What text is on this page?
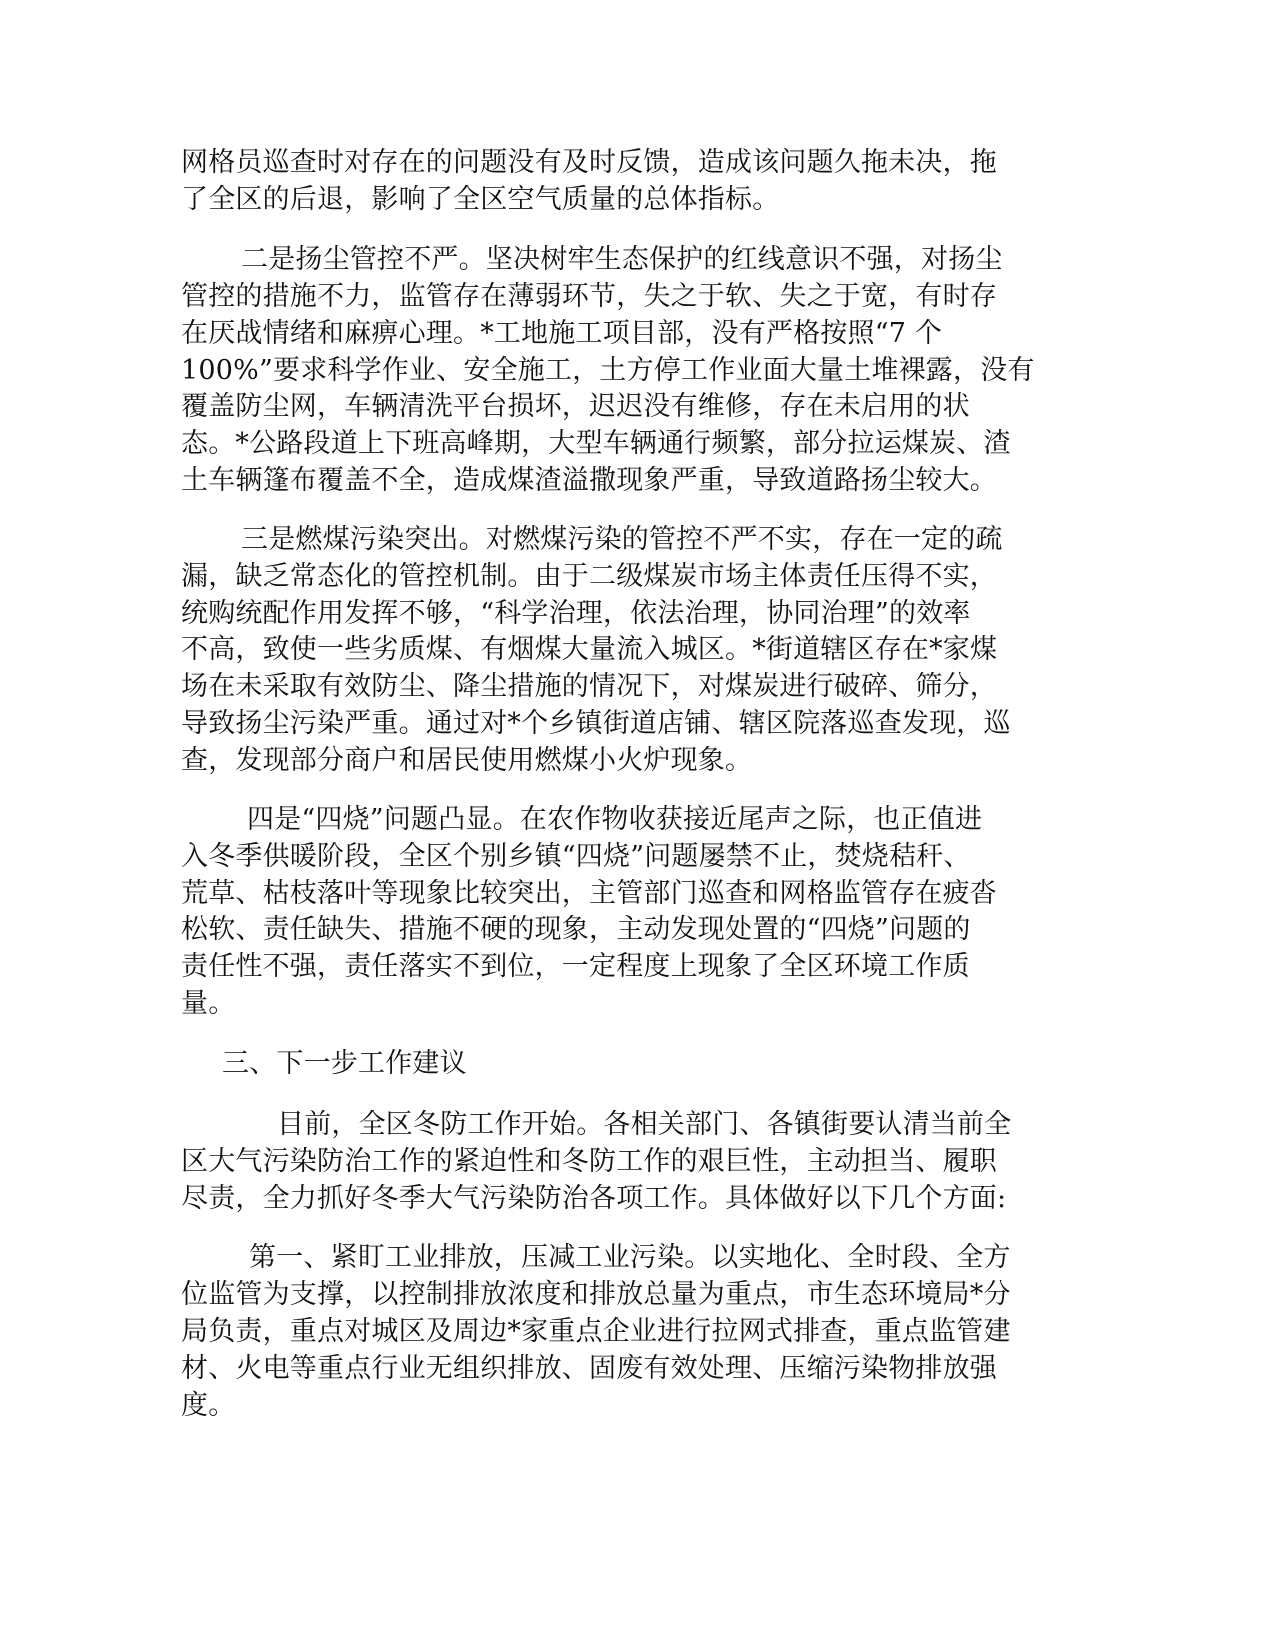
网格员巡查时对存在的问题没有及时反馈，造成该问题久拖未决，拖
了全区的后退，影响了全区空气质量的总体指标。
二是扬尘管控不严。坚决树牢生态保护的红线意识不强，对扬尘
管控的措施不力，监管存在薄弱环节，失之于软、失之于宽，有时存
在厌战情绪和麻痹心理。*工地施工项目部，没有严格按照“7 个
100%”要求科学作业、安全施工，土方停工作业面大量土堆裸露，没有
覆盖防尘网，车辆清洗平台损坏，迟迟没有维修，存在未启用的状
态。*公路段道上下班高峰期，大型车辆通行频繁，部分拉运煤炭、渣
土车辆篷布覆盖不全，造成煤渣溢撒现象严重，导致道路扬尘较大。
三是燃煤污染突出。对燃煤污染的管控不严不实，存在一定的疏
漏，缺乏常态化的管控机制。由于二级煤炭市场主体责任压得不实，
统购统配作用发挥不够，“科学治理，依法治理，协同治理”的效率
不高，致使一些劣质煤、有烟煤大量流入城区。*街道辖区存在*家煤
场在未采取有效防尘、降尘措施的情况下，对煤炭进行破碎、筛分，
导致扬尘污染严重。通过对*个乡镇街道店铺、辖区院落巡查发现，巡
查，发现部分商户和居民使用燃煤小火炉现象。
四是“四烧”问题凸显。在农作物收获接近尾声之际，也正值进
入冬季供暖阶段，全区个别乡镇“四烧”问题屡禁不止，焚烧秸秆、
荒草、枯枝落叶等现象比较突出，主管部门巡查和网格监管存在疲沓
松软、责任缺失、措施不硬的现象，主动发现处置的“四烧”问题的
责任性不强，责任落实不到位，一定程度上现象了全区环境工作质
量。
三、下一步工作建议
目前，全区冬防工作开始。各相关部门、各镇街要认清当前全
区大气污染防治工作的紧迫性和冬防工作的艰巨性，主动担当、履职
尽责，全力抓好冬季大气污染防治各项工作。具体做好以下几个方面:
第一、紧盯工业排放，压减工业污染。以实地化、全时段、全方
位监管为支撑，以控制排放浓度和排放总量为重点，市生态环境局*分
局负责，重点对城区及周边*家重点企业进行拉网式排查，重点监管建
材、火电等重点行业无组织排放、固废有效处理、压缩污染物排放强
度。
